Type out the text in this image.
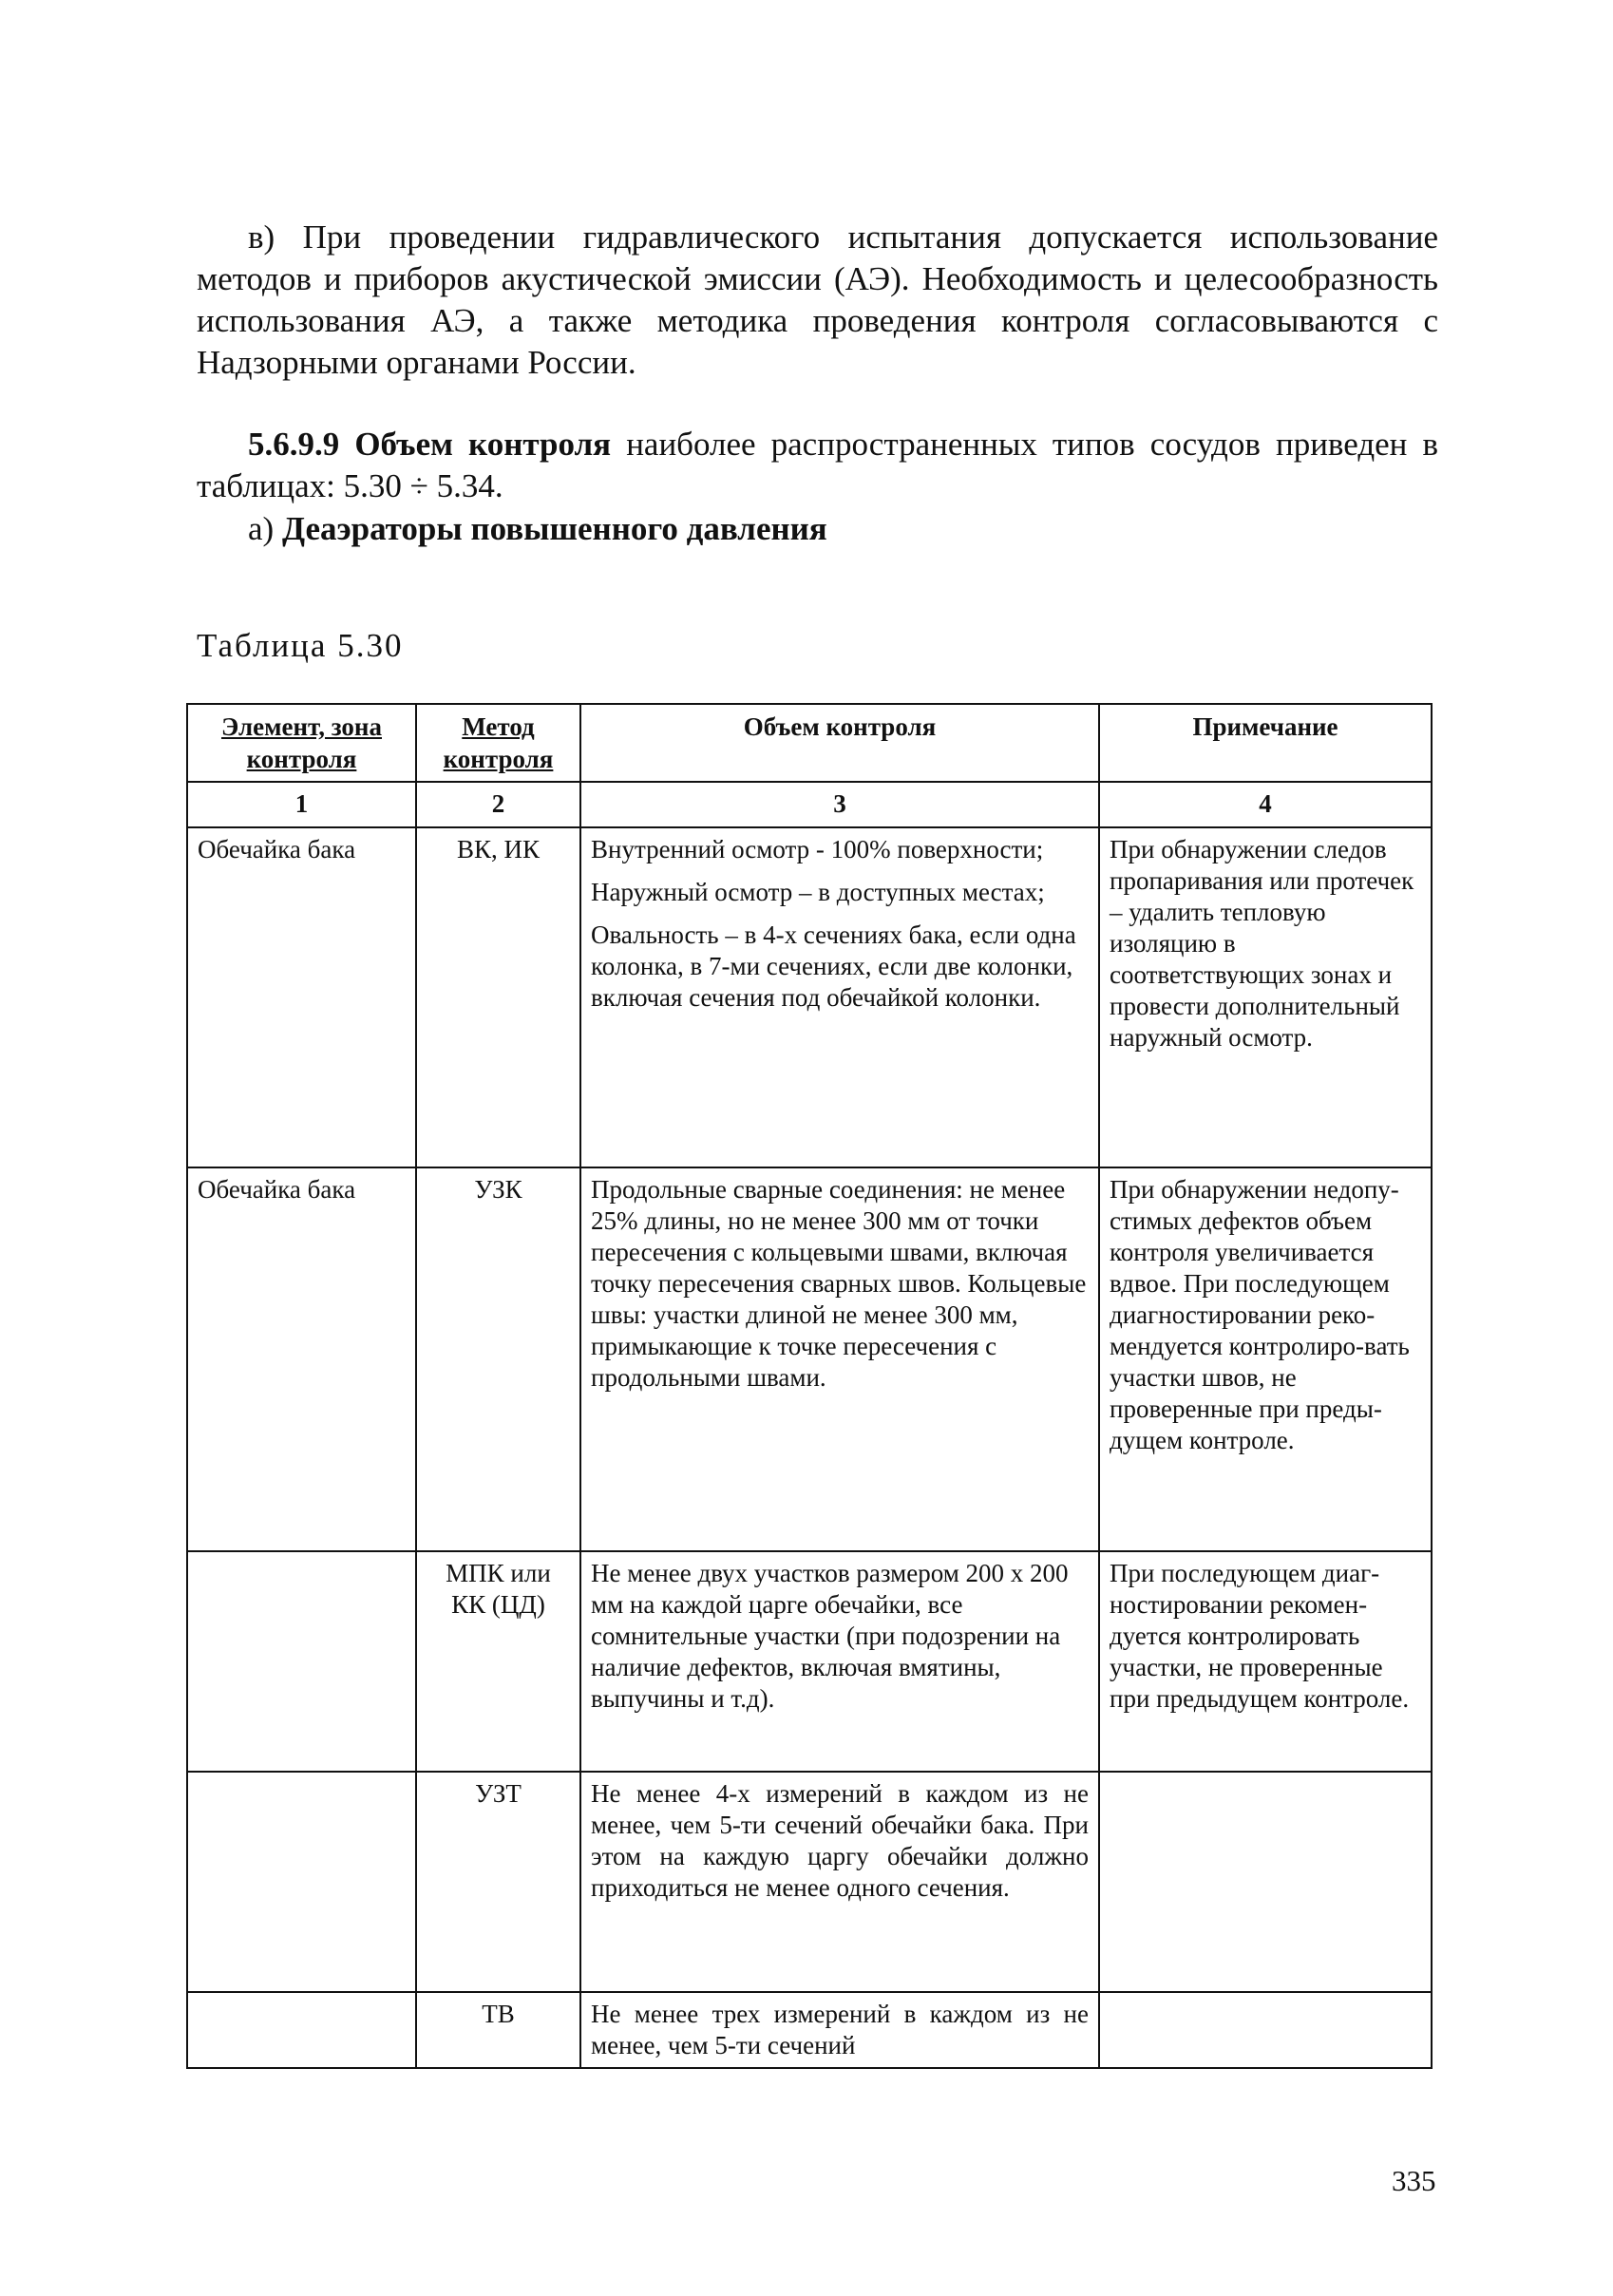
в) При проведении гидравлического испытания допускается использование методов и приборов акустической эмиссии (АЭ). Необходимость и целесообразность использования АЭ, а также методика проведения контроля согласовываются с Надзорными органами России.

5.6.9.9 Объем контроля наиболее распространенных типов сосудов приведен в таблицах: 5.30 ÷ 5.34.

а) Деаэраторы повышенного давления

Таблица 5.30

Элемент, зона контроля	Метод контроля	Объем контроля	Примечание
1	2	3	4
Обечайка бака	ВК, ИК	Внутренний осмотр - 100% поверхности;

Наружный осмотр – в доступных местах;

Овальность – в 4-х сечениях бака, если одна колонка, в 7-ми сечениях, если две колонки, включая сечения под обечайкой колонки.	При обнаружении следов пропаривания или протечек – удалить тепловую изоляцию в соответствующих зонах и провести дополнительный наружный осмотр.
Обечайка бака	УЗК	Продольные сварные соединения: не менее 25% длины, но не менее 300 мм от точки пересечения с кольцевыми швами, включая точку пересечения сварных швов. Кольцевые швы: участки длиной не менее 300 мм, примыкающие к точке пересечения с продольными швами.	При обнаружении недопу-стимых дефектов объем контроля увеличивается вдвое. При последующем диагностировании реко-мендуется контролиро-вать участки швов, не проверенные при преды-дущем контроле.
	МПК или КК (ЦД)	Не менее двух участков размером 200 х 200 мм на каждой царге обечайки, все сомнительные участки (при подозрении на наличие дефектов, включая вмятины, выпучины и т.д).	При последующем диаг-ностировании рекомен-дуется контролировать участки, не проверенные при предыдущем контроле.
	УЗТ	Не менее 4-х измерений в каждом из не менее, чем 5-ти сечений обечайки бака. При этом на каждую царгу обечайки должно приходиться не менее одного сечения.	
	ТВ	Не менее трех измерений в каждом из не менее, чем 5-ти сечений	

335
